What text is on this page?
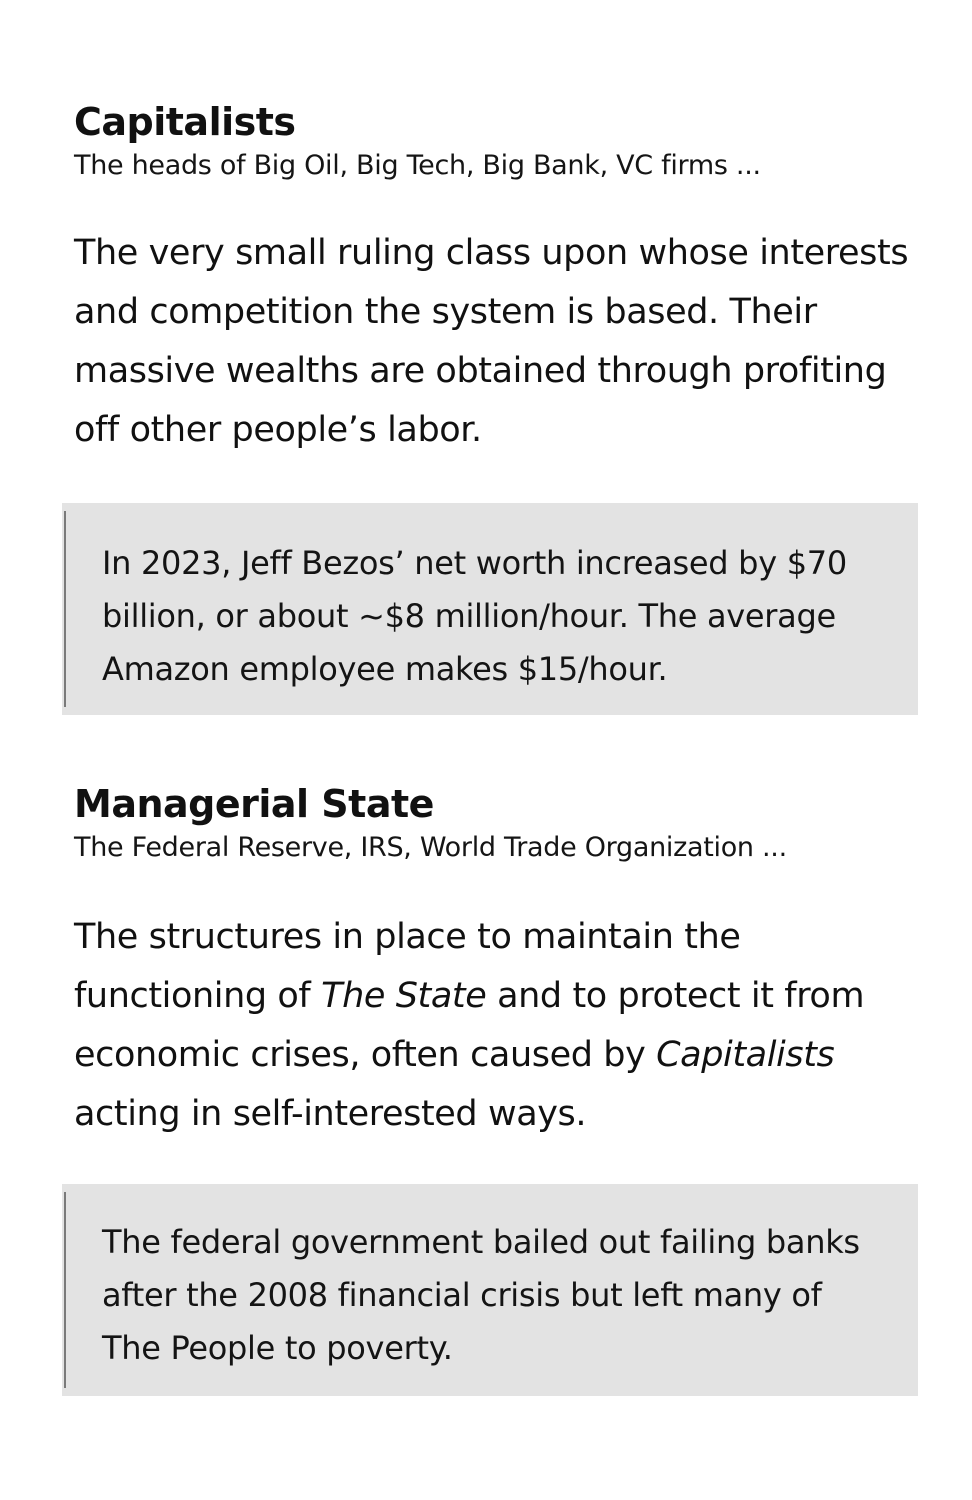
Capitalists

The heads of Big Oil, Big Tech, Big Bank, VC firms ...

The very small ruling class upon whose interests and competition the system is based. Their massive wealths are obtained through profiting off other people’s labor.

In 2023, Jeff Bezos’ net worth increased by $70 billion, or about ~$8 million/hour. The average Amazon employee makes $15/hour.

Managerial State

The Federal Reserve, IRS, World Trade Organization ...

The structures in place to maintain the functioning of The State and to protect it from economic crises, often caused by Capitalists acting in self-interested ways.

The federal government bailed out failing banks after the 2008 financial crisis but left many of The People to poverty.
